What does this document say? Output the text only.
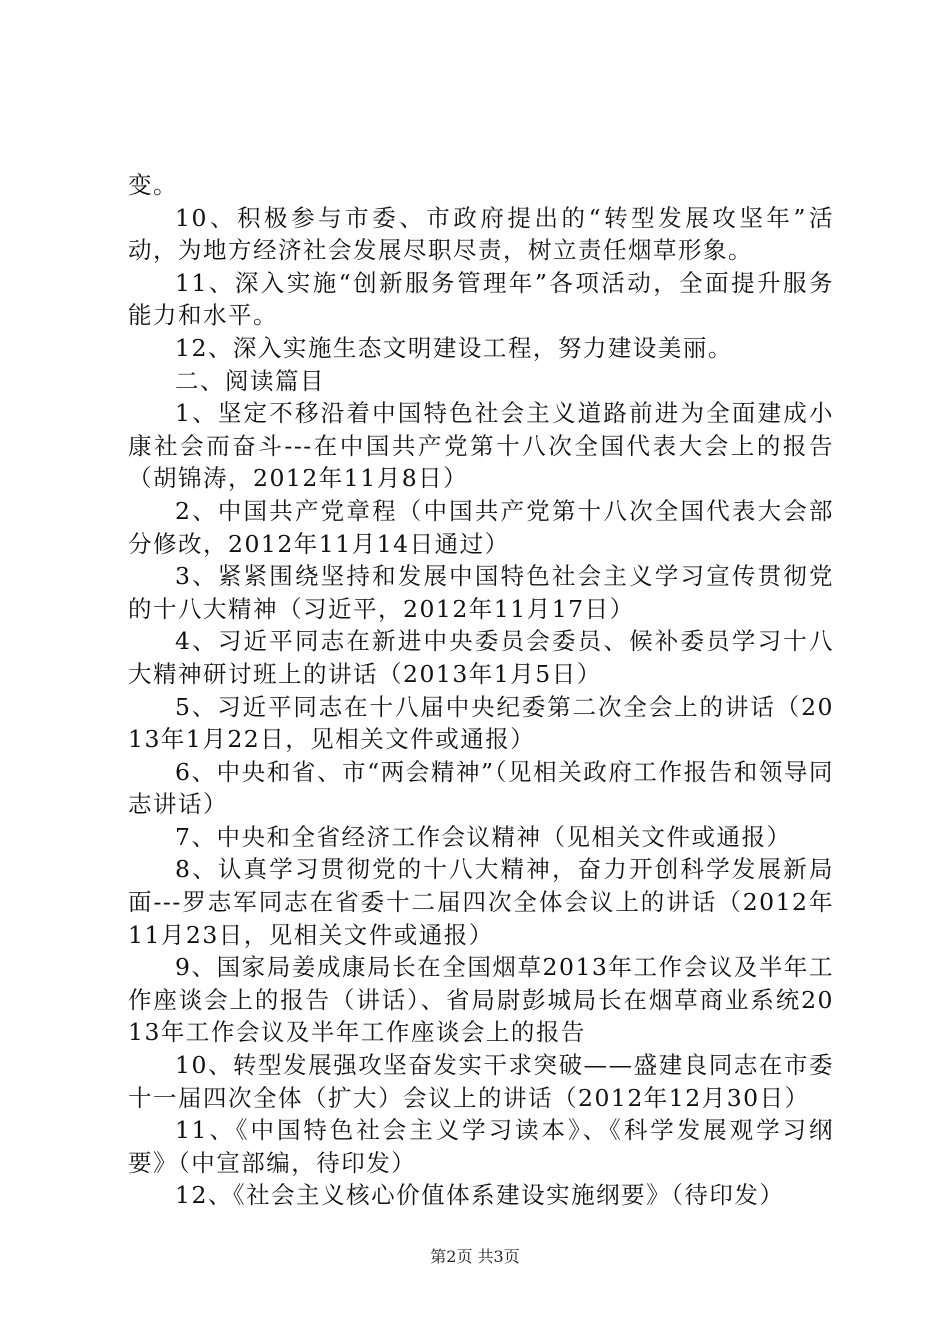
变。

10、积极参与市委、市政府提出的“转型发展攻坚年”活动，为地方经济社会发展尽职尽责，树立责任烟草形象。

11、深入实施“创新服务管理年”各项活动，全面提升服务能力和水平。

12、深入实施生态文明建设工程，努力建设美丽。

二、阅读篇目

1、坚定不移沿着中国特色社会主义道路前进为全面建成小康社会而奋斗---在中国共产党第十八次全国代表大会上的报告（胡锦涛，2012年11月8日）

2、中国共产党章程（中国共产党第十八次全国代表大会部分修改，2012年11月14日通过）

3、紧紧围绕坚持和发展中国特色社会主义学习宣传贯彻党的十八大精神（习近平，2012年11月17日）

4、习近平同志在新进中央委员会委员、候补委员学习十八大精神研讨班上的讲话（2013年1月5日）

5、习近平同志在十八届中央纪委第二次全会上的讲话（2013年1月22日，见相关文件或通报）

6、中央和省、市“两会精神”（见相关政府工作报告和领导同志讲话）

7、中央和全省经济工作会议精神（见相关文件或通报）

8、认真学习贯彻党的十八大精神，奋力开创科学发展新局面---罗志军同志在省委十二届四次全体会议上的讲话（2012年11月23日，见相关文件或通报）

9、国家局姜成康局长在全国烟草2013年工作会议及半年工作座谈会上的报告（讲话）、省局尉彭城局长在烟草商业系统2013年工作会议及半年工作座谈会上的报告

10、转型发展强攻坚奋发实干求突破——盛建良同志在市委十一届四次全体（扩大）会议上的讲话（2012年12月30日）

11、《中国特色社会主义学习读本》、《科学发展观学习纲要》（中宣部编，待印发）

12、《社会主义核心价值体系建设实施纲要》（待印发）

第2页 共3页
